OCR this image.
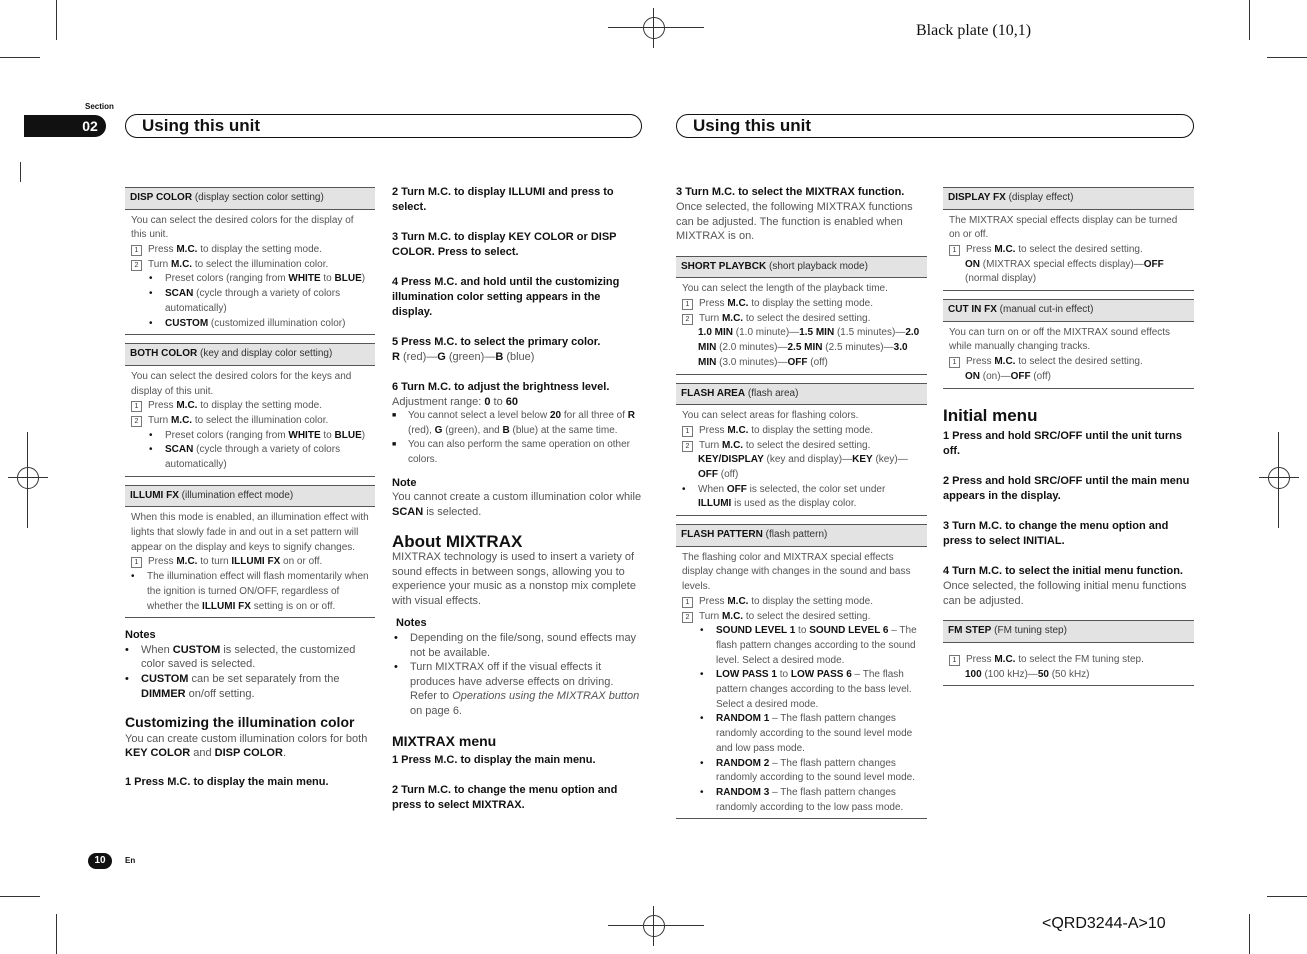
Black plate (10,1)
<QRD3244-A>10
Section
02	Using this unit	Using this unit
10	En
DISP COLOR (display section color setting)
You can select the desired colors for the display of this unit.
1 Press M.C. to display the setting mode.
2 Turn M.C. to select the illumination color.
•	Preset colors (ranging from WHITE to BLUE)
•	SCAN (cycle through a variety of colors automatically)
•	CUSTOM (customized illumination color)
BOTH COLOR (key and display color setting)
You can select the desired colors for the keys and display of this unit.
1 Press M.C. to display the setting mode.
2 Turn M.C. to select the illumination color.
•	Preset colors (ranging from WHITE to BLUE)
•	SCAN (cycle through a variety of colors automatically)
ILLUMI FX (illumination effect mode)
When this mode is enabled, an illumination effect with lights that slowly fade in and out in a set pattern will appear on the display and keys to signify changes.
1 Press M.C. to turn ILLUMI FX on or off.
•	The illumination effect will flash momentarily when the ignition is turned ON/OFF, regardless of whether the ILLUMI FX setting is on or off.
Notes
•	When CUSTOM is selected, the customized color saved is selected.
•	CUSTOM can be set separately from the DIMMER on/off setting.
Customizing the illumination color
You can create custom illumination colors for both KEY COLOR and DISP COLOR.
1 Press M.C. to display the main menu.
2 Turn M.C. to display ILLUMI and press to select.
3 Turn M.C. to display KEY COLOR or DISP COLOR. Press to select.
4 Press M.C. and hold until the customizing illumination color setting appears in the display.
5 Press M.C. to select the primary color.
R (red)—G (green)—B (blue)
6 Turn M.C. to adjust the brightness level.
Adjustment range: 0 to 60
■	You cannot select a level below 20 for all three of R (red), G (green), and B (blue) at the same time.
■	You can also perform the same operation on other colors.
Note
You cannot create a custom illumination color while SCAN is selected.
About MIXTRAX
MIXTRAX technology is used to insert a variety of sound effects in between songs, allowing you to experience your music as a nonstop mix complete with visual effects.
Notes
•	Depending on the file/song, sound effects may not be available.
•	Turn MIXTRAX off if the visual effects it produces have adverse effects on driving. Refer to Operations using the MIXTRAX button on page 6.
MIXTRAX menu
1 Press M.C. to display the main menu.
2 Turn M.C. to change the menu option and press to select MIXTRAX.
3 Turn M.C. to select the MIXTRAX function.
Once selected, the following MIXTRAX functions can be adjusted. The function is enabled when MIXTRAX is on.
SHORT PLAYBCK (short playback mode)
You can select the length of the playback time.
1 Press M.C. to display the setting mode.
2 Turn M.C. to select the desired setting.
1.0 MIN (1.0 minute)—1.5 MIN (1.5 minutes)—2.0 MIN (2.0 minutes)—2.5 MIN (2.5 minutes)—3.0 MIN (3.0 minutes)—OFF (off)
FLASH AREA (flash area)
You can select areas for flashing colors.
1 Press M.C. to display the setting mode.
2 Turn M.C. to select the desired setting.
KEY/DISPLAY (key and display)—KEY (key)—OFF (off)
•	When OFF is selected, the color set under ILLUMI is used as the display color.
FLASH PATTERN (flash pattern)
The flashing color and MIXTRAX special effects display change with changes in the sound and bass levels.
1 Press M.C. to display the setting mode.
2 Turn M.C. to select the desired setting.
•	SOUND LEVEL 1 to SOUND LEVEL 6 – The flash pattern changes according to the sound level. Select a desired mode.
•	LOW PASS 1 to LOW PASS 6 – The flash pattern changes according to the bass level. Select a desired mode.
•	RANDOM 1 – The flash pattern changes randomly according to the sound level mode and low pass mode.
•	RANDOM 2 – The flash pattern changes randomly according to the sound level mode.
•	RANDOM 3 – The flash pattern changes randomly according to the low pass mode.
DISPLAY FX (display effect)
The MIXTRAX special effects display can be turned on or off.
1 Press M.C. to select the desired setting.
ON (MIXTRAX special effects display)—OFF (normal display)
CUT IN FX (manual cut-in effect)
You can turn on or off the MIXTRAX sound effects while manually changing tracks.
1 Press M.C. to select the desired setting.
ON (on)—OFF (off)
Initial menu
1 Press and hold SRC/OFF until the unit turns off.
2 Press and hold SRC/OFF until the main menu appears in the display.
3 Turn M.C. to change the menu option and press to select INITIAL.
4 Turn M.C. to select the initial menu function.
Once selected, the following initial menu functions can be adjusted.
FM STEP (FM tuning step)
1 Press M.C. to select the FM tuning step.
100 (100 kHz)—50 (50 kHz)
